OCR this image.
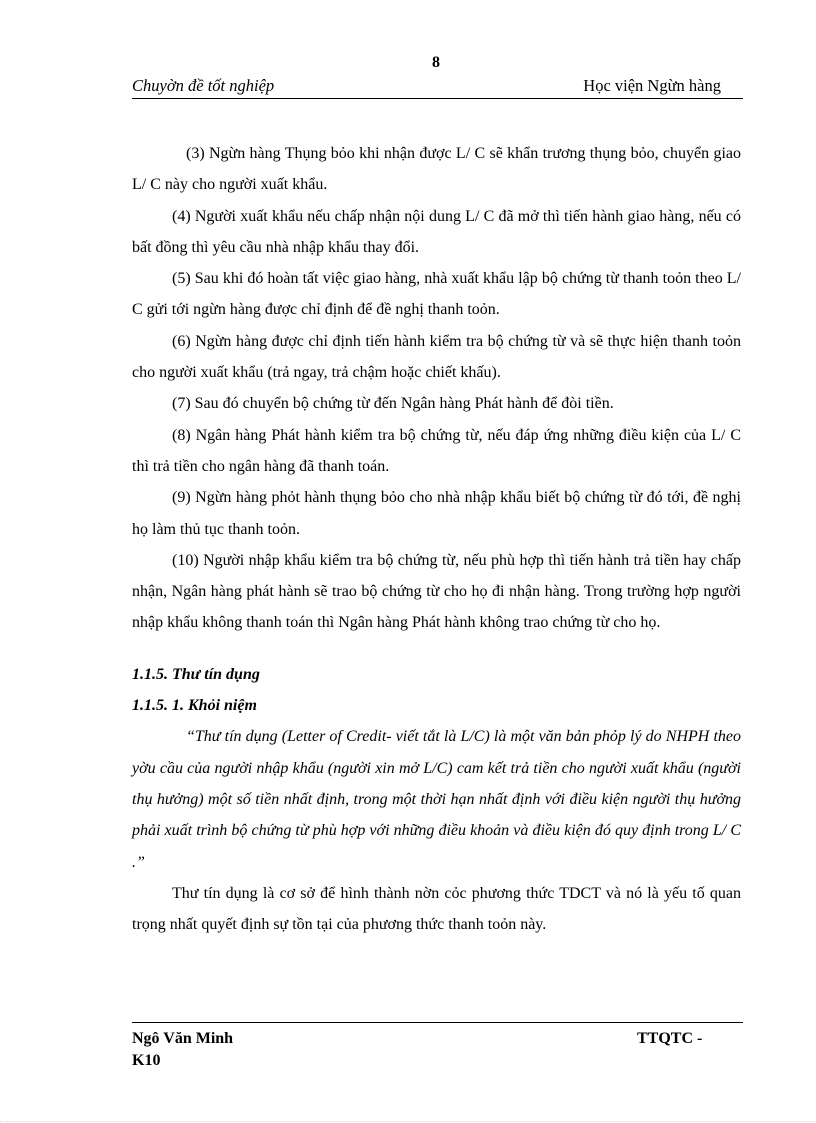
8
Chuyờn đề tốt nghiệp	Học viện Ngừn hàng

(3) Ngừn hàng Thụng bỏo khi nhận được L/ C sẽ khẩn trương thụng bỏo, chuyển giao L/ C này cho người xuất khẩu.

(4) Người xuất khẩu nếu chấp nhận nội dung L/ C đã mở thì tiến hành giao hàng, nếu có bất đồng thì yêu cầu nhà nhập khẩu thay đổi.

(5) Sau khi đó hoàn tất việc giao hàng, nhà xuất khẩu lập bộ chứng từ thanh toỏn theo L/ C gửi tới ngừn hàng được chỉ định để đề nghị thanh toỏn.

(6) Ngừn hàng được chỉ định tiến hành kiểm tra bộ chứng từ và sẽ thực hiện thanh toỏn cho người xuất khẩu (trả ngay, trả chậm hoặc chiết khấu).

(7) Sau đó chuyển bộ chứng từ đến Ngân hàng Phát hành để đòi tiền.

(8) Ngân hàng Phát hành kiểm tra bộ chứng từ, nếu đáp ứng những điều kiện của L/ C thì trả tiền cho ngân hàng đã thanh toán.

(9) Ngừn hàng phỏt hành thụng bỏo cho nhà nhập khẩu biết bộ chứng từ đó tới, đề nghị họ làm thủ tục thanh toỏn.

(10) Người nhập khẩu kiểm tra bộ chứng từ, nếu phù hợp thì tiến hành trả tiền hay chấp nhận, Ngân hàng phát hành sẽ trao bộ chứng từ cho họ đi nhận hàng. Trong trường hợp người nhập khẩu không thanh toán thì Ngân hàng Phát hành không trao chứng từ cho họ.

1.1.5. Thư tín dụng

1.1.5. 1. Khỏi niệm

“Thư tín dụng (Letter of Credit- viết tắt là L/C) là một văn bản phỏp lý do NHPH theo yờu cầu của người nhập khẩu (người xin mở L/C) cam kết trả tiền cho người xuất khẩu (người thụ hưởng) một số tiền nhất định, trong một thời hạn nhất định với điều kiện người thụ hưởng phải xuất trình bộ chứng từ phù hợp với những điều khoản và điều kiện đó quy định trong L/ C .”

Thư tín dụng là cơ sở để hình thành nờn cỏc phương thức TDCT và nó là yếu tố quan trọng nhất quyết định sự tồn tại của phương thức thanh toỏn này.

Ngô Văn Minh	TTQTC -
K10
